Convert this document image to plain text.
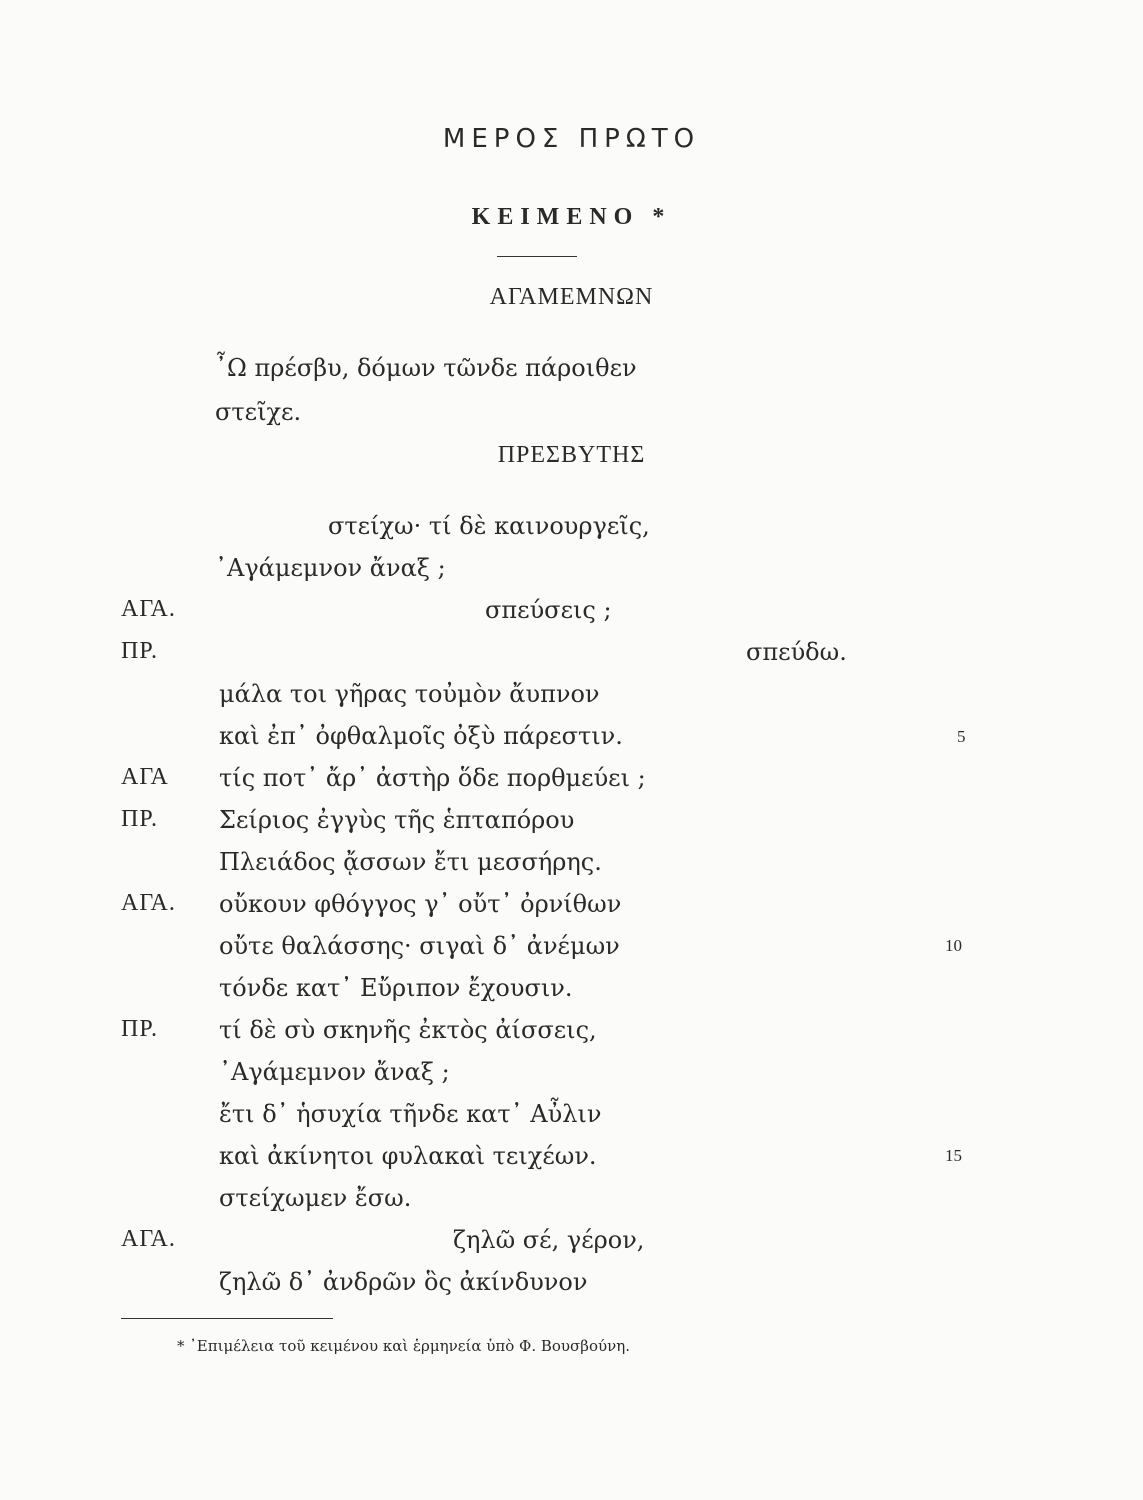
ΜΕΡΟΣ ΠΡΩΤΟ
ΚΕΙΜΕΝΟ *
ΑΓΑΜΕΜΝΩΝ
῏Ω πρέσβυ, δόμων τῶνδε πάροιθεν
στεῖχε.
ΠΡΕΣΒΥΤΗΣ
στείχω· τί δὲ καινουργεῖς,
᾿Αγάμεμνον ἄναξ ;
ΑΓΑ.	σπεύσεις ;
ΠΡ.	σπεύδω.
μάλα τοι γῆρας τοὐμὸν ἄυπνον
καὶ ἐπ᾿ ὀφθαλμοῖς ὀξὺ πάρεστιν.	5
ΑΓΑ τίς ποτ᾿ ἄρ᾿ ἀστὴρ ὅδε πορθμεύει ;
ΠΡ.	Σείριος ἐγγὺς τῆς ἑπταπόρου
Πλειάδος ᾄσσων ἔτι μεσσήρης.
ΑΓΑ. οὔκουν φθόγγος γ᾿ οὔτ᾿ ὀρνίθων
οὔτε θαλάσσης· σιγαὶ δ᾿ ἀνέμων	10
τόνδε κατ᾿ Εὔριπον ἔχουσιν.
ΠΡ.	τί δὲ σὺ σκηνῆς ἐκτὸς ἀίσσεις,
᾿Αγάμεμνον ἄναξ ;
ἔτι δ᾿ ἡσυχία τῆνδε κατ᾿ Αὖλιν
καὶ ἀκίνητοι φυλακαὶ τειχέων.	15
στείχωμεν ἔσω.
ΑΓΑ.	ζηλῶ σέ, γέρον,
ζηλῶ δ᾿ ἀνδρῶν ὃς ἀκίνδυνον
* ᾿Επιμέλεια τοῦ κειμένου καὶ ἑρμηνεία ὑπὸ Φ. Βουσβούνη.
